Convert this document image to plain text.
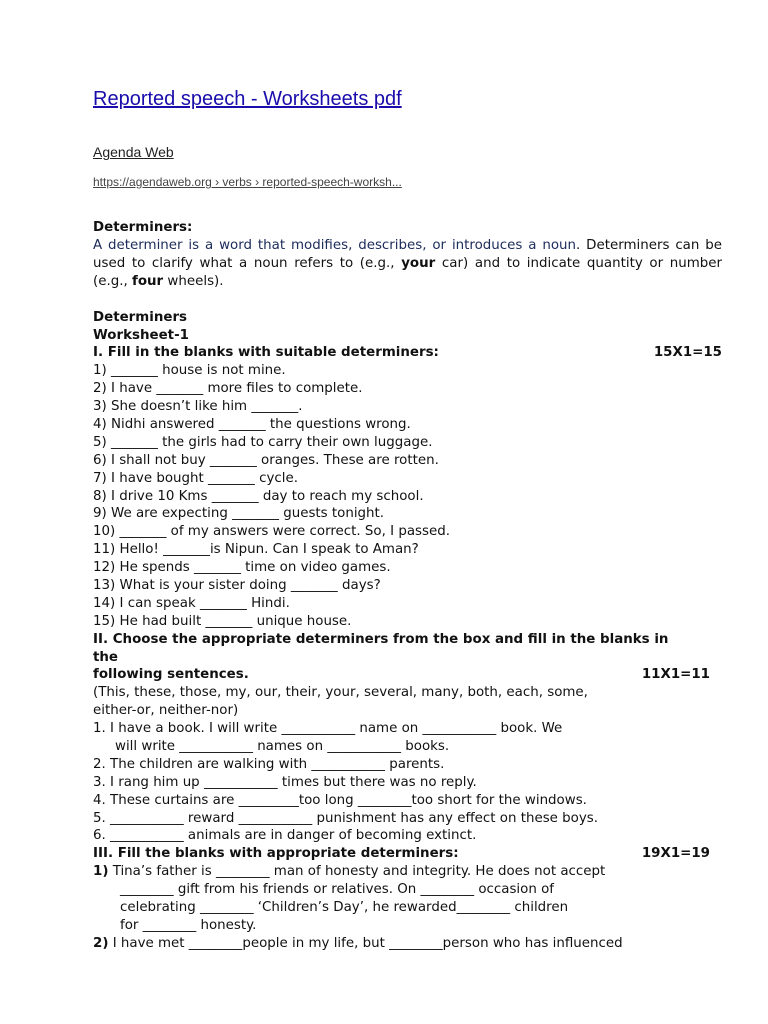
Reported speech - Worksheets pdf
Agenda Web
https://agendaweb.org › verbs › reported-speech-worksh...
Determiners:
A determiner is a word that modifies, describes, or introduces a noun. Determiners can be used to clarify what a noun refers to (e.g., your car) and to indicate quantity or number (e.g., four wheels).
Determiners
Worksheet-1
I. Fill in the blanks with suitable determiners:	15X1=15
1) _______ house is not mine.
2) I have _______ more files to complete.
3) She doesn’t like him _______.
4) Nidhi answered _______ the questions wrong.
5) _______ the girls had to carry their own luggage.
6) I shall not buy _______ oranges. These are rotten.
7) I have bought _______ cycle.
8) I drive 10 Kms _______ day to reach my school.
9) We are expecting _______ guests tonight.
10) _______ of my answers were correct. So, I passed.
11) Hello! _______is Nipun. Can I speak to Aman?
12) He spends _______ time on video games.
13) What is your sister doing _______ days?
14) I can speak _______ Hindi.
15) He had built _______ unique house.
II. Choose the appropriate determiners from the box and fill in the blanks in
the
following sentences.	11X1=11
(This, these, those, my, our, their, your, several, many, both, each, some,
either-or, neither-nor)
1. I have a book. I will write ___________ name on ___________ book. We
will write ___________ names on ___________ books.
2. The children are walking with ___________ parents.
3. I rang him up ___________ times but there was no reply.
4. These curtains are _________too long ________too short for the windows.
5. ___________ reward ___________ punishment has any effect on these boys.
6. ___________ animals are in danger of becoming extinct.
III. Fill the blanks with appropriate determiners:	19X1=19
1) Tina’s father is ________ man of honesty and integrity. He does not accept
________ gift from his friends or relatives. On ________ occasion of
celebrating ________ ‘Children’s Day’, he rewarded________ children
for ________ honesty.
2) I have met ________people in my life, but ________person who has influenced
